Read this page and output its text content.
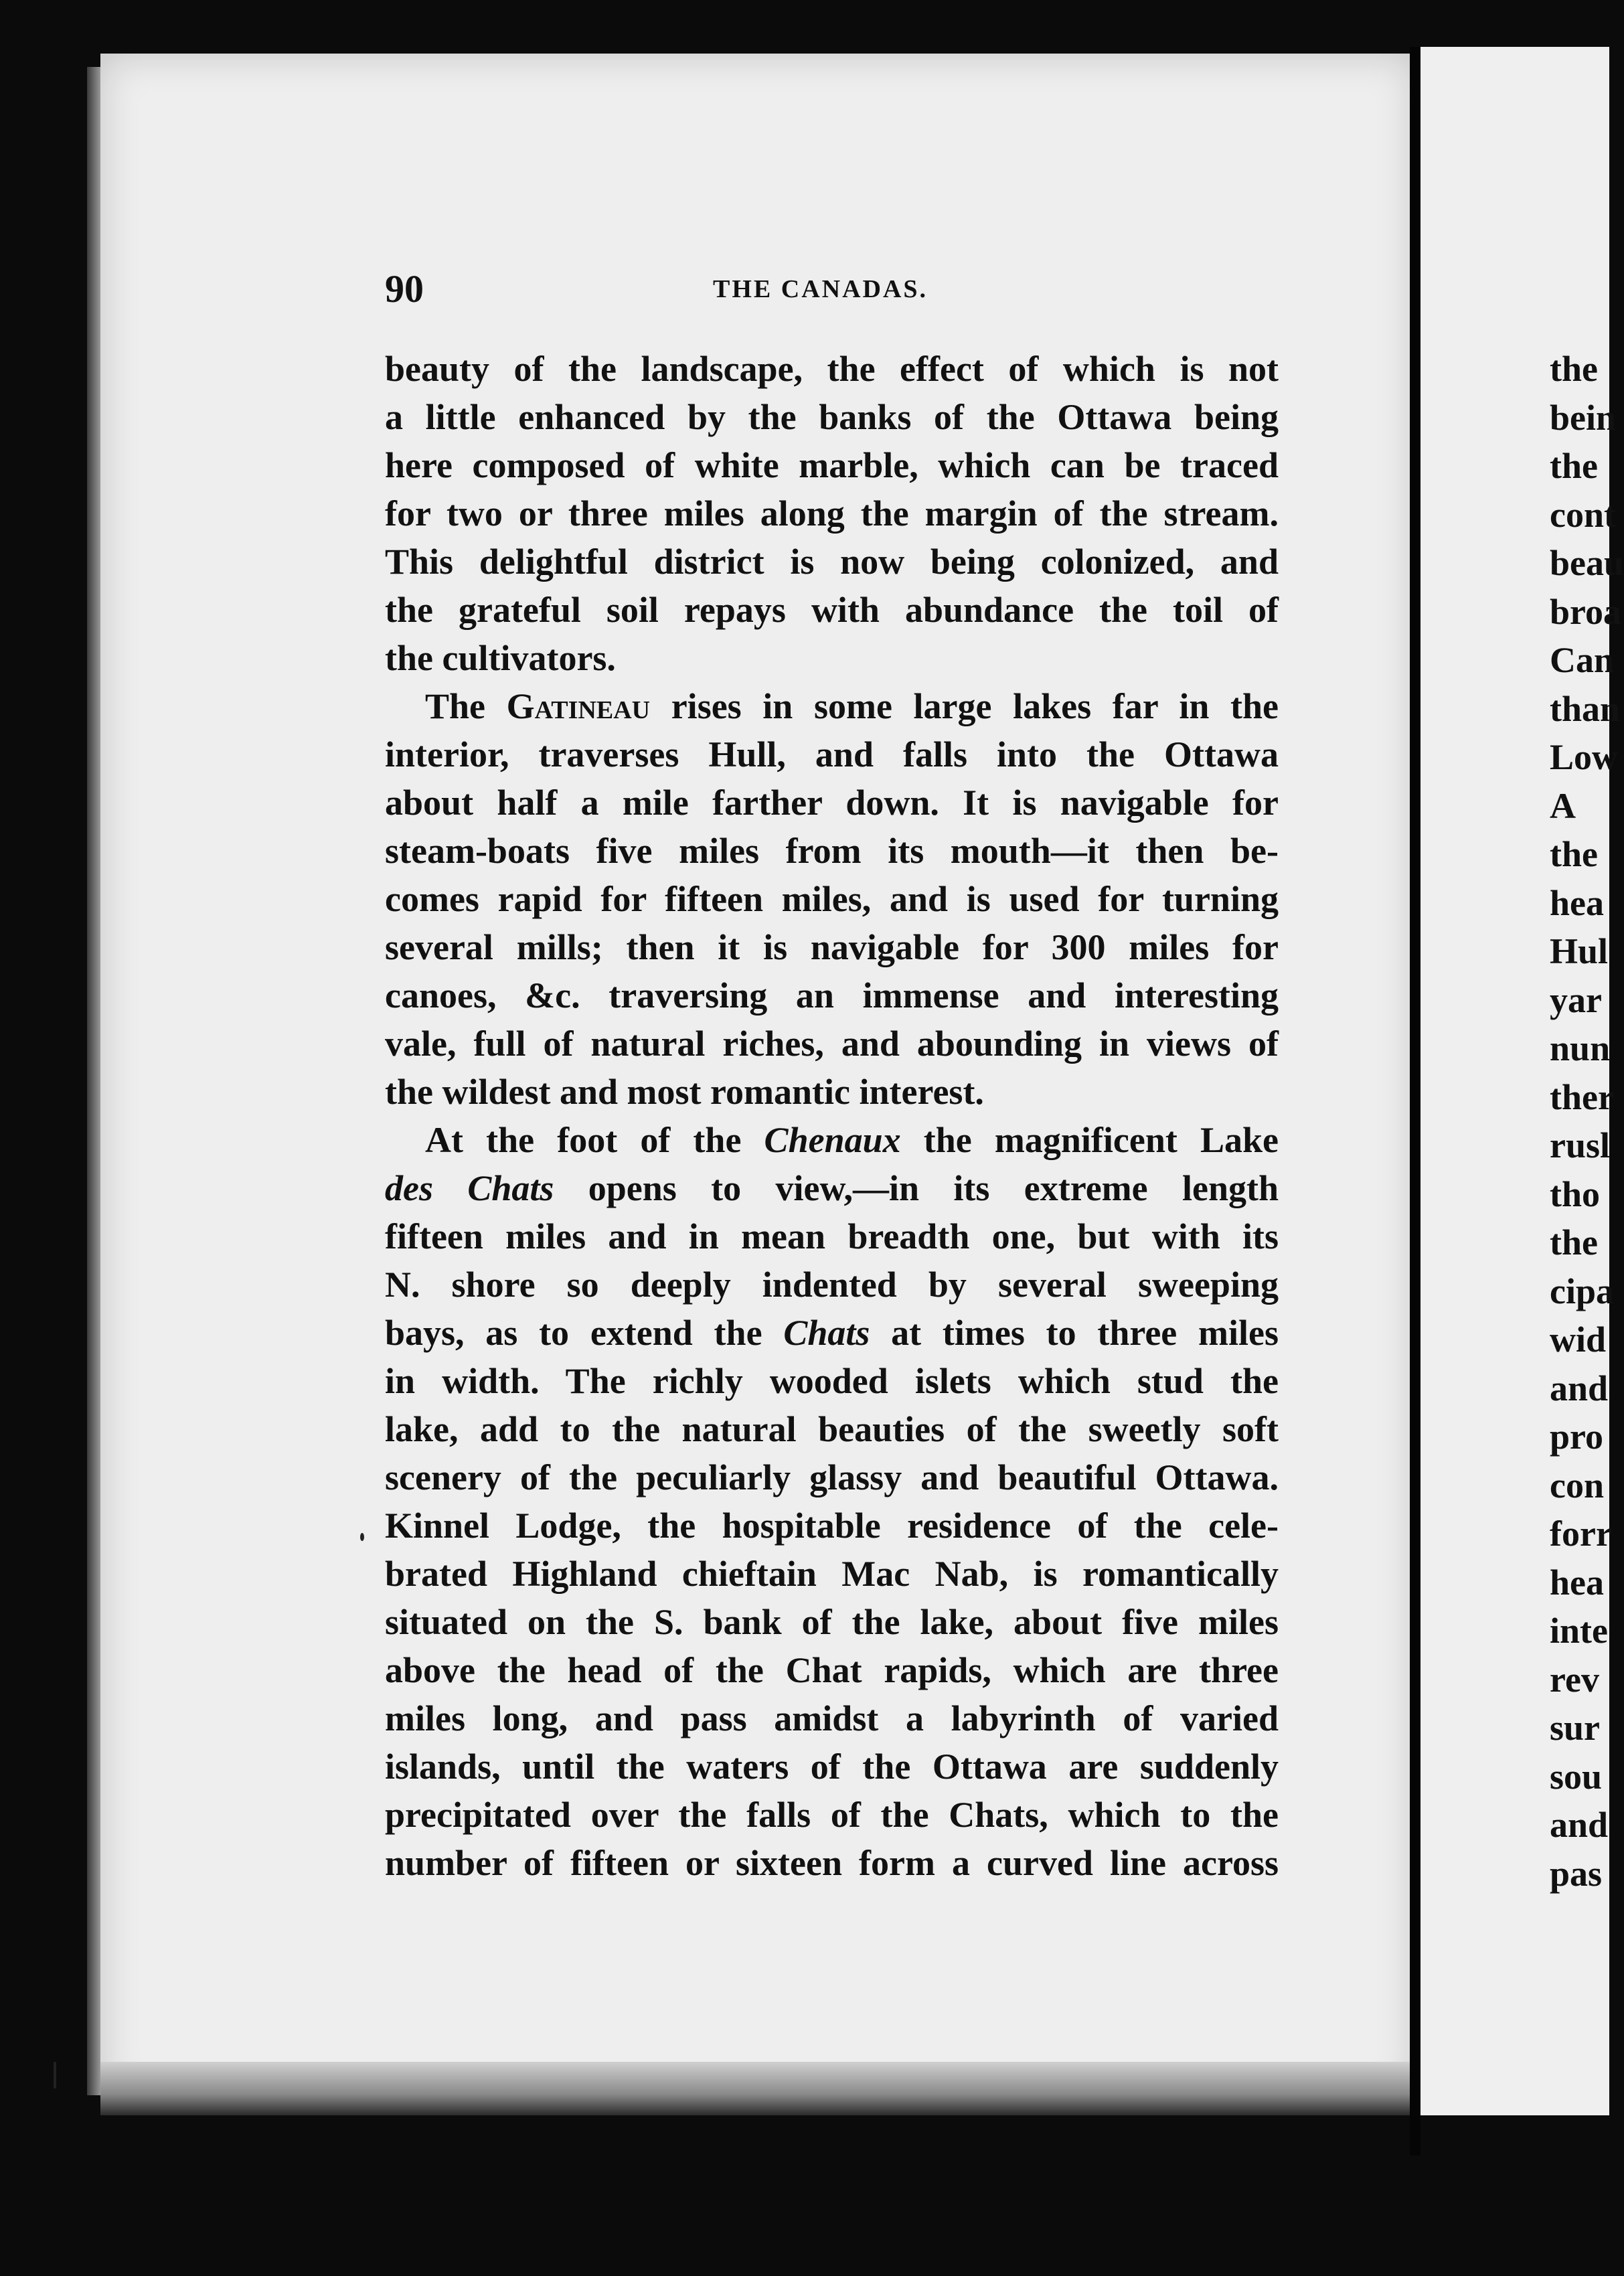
90	THE CANADAS.
beauty of the landscape, the effect of which is not
a little enhanced by the banks of the Ottawa being
here composed of white marble, which can be traced
for two or three miles along the margin of the stream.
This delightful district is now being colonized, and
the grateful soil repays with abundance the toil of
the cultivators.
The Gatineau rises in some large lakes far in the
interior, traverses Hull, and falls into the Ottawa
about half a mile farther down. It is navigable for
steam-boats five miles from its mouth—it then be-
comes rapid for fifteen miles, and is used for turning
several mills; then it is navigable for 300 miles for
canoes, &c. traversing an immense and interesting
vale, full of natural riches, and abounding in views of
the wildest and most romantic interest.
At the foot of the Chenaux the magnificent Lake
des Chats opens to view,—in its extreme length
fifteen miles and in mean breadth one, but with its
N. shore so deeply indented by several sweeping
bays, as to extend the Chats at times to three miles
in width. The richly wooded islets which stud the
lake, add to the natural beauties of the sweetly soft
scenery of the peculiarly glassy and beautiful Ottawa.
Kinnel Lodge, the hospitable residence of the cele-
brated Highland chieftain Mac Nab, is romantically
situated on the S. bank of the lake, about five miles
above the head of the Chat rapids, which are three
miles long, and pass amidst a labyrinth of varied
islands, until the waters of the Ottawa are suddenly
precipitated over the falls of the Chats, which to the
number of fifteen or sixteen form a curved line across
the
bein
the
cont
beau
broa
Can
than
Low
A
the
hea
Hul
yar
nun
ther
rusl
tho
the
cipa
wid
and
pro
con
forr
hea
inte
rev
sur
sou
and
pas
